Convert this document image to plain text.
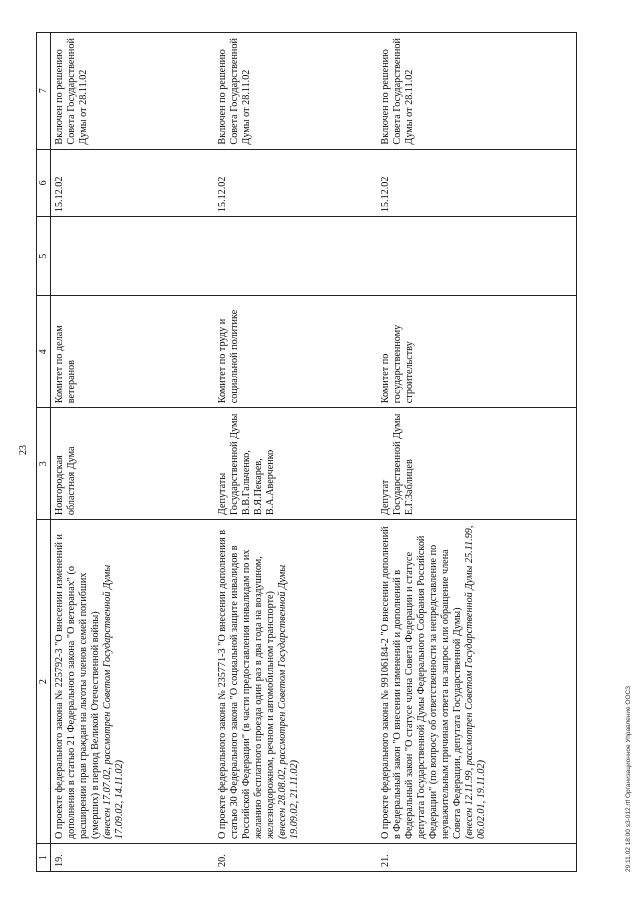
23
1	2	3	4	5	6	7
19.	О проекте федерального закона № 225792-3 "О внесении изменений и дополнения в статью 21 Федерального закона "О ветеранах" (о расширении прав граждан на льготы членов семей погибших (умерших) в период Великой Отечественной войны) (внесен 17.07.02, рассмотрен Советом Государственной Думы 17.09.02, 14.11.02)	Новгородская областная Дума	Комитет по делам ветеранов		15.12.02	Включен по решению Совета Государственной Думы от 28.11.02
20.	О проекте федерального закона № 235771-3 "О внесении дополнения в статью 30 Федерального закона "О социальной защите инвалидов в Российской Федерации" (в части предоставления инвалидам по их желанию бесплатного проезда один раз в два года на воздушном, железнодорожном, речном и автомобильном транспорте) (внесен 28.08.02, рассмотрен Советом Государственной Думы 19.09.02, 21.11.02)	Депутаты Государственной Думы В.В.Гальченко, В.Я.Пекарев, В.А.Аверченко	Комитет по труду и социальной политике		15.12.02	Включен по решению Совета Государственной Думы от 28.11.02
21.	О проекте федерального закона № 99106184-2 "О внесении дополнений в Федеральный закон "О внесении изменений и дополнений в Федеральный закон "О статусе члена Совета Федерации и статусе депутата Государственной Думы Федерального Собрания Российской Федерации" (по вопросу об ответственности за непредставление по неуважительным причинам ответа на запрос или обращение члена Совета Федерации, депутата Государственной Думы) (внесен 12.11.99, рассмотрен Советом Государственной Думы 25.11.99, 06.02.01, 19.11.02)	Депутат Государственной Думы Е.Г.Заблицев	Комитет по государственному строительству		15.12.02	Включен по решению Совета Государственной Думы от 28.11.02
29.11.02 18:00 s3-012.rtf Организационное Управление ООСЗ
